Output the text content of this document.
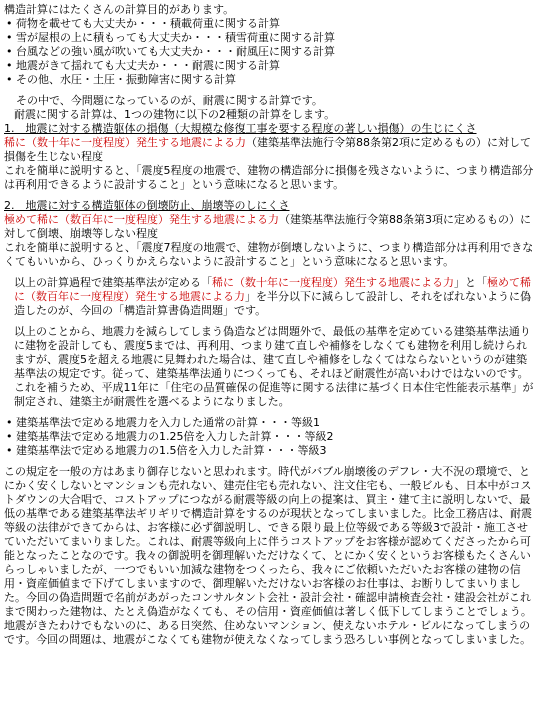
構造計算にはたくさんの計算目的があります。

• 荷物を載せても大丈夫か・・・積載荷重に関する計算
• 雪が屋根の上に積もっても大丈夫か・・・積雪荷重に関する計算
• 台風などの強い風が吹いても大丈夫か・・・耐風圧に関する計算
• 地震がきて揺れても大丈夫か・・・耐震に関する計算
• その他、水圧・土圧・振動障害に関する計算

その中で、今問題になっているのが、耐震に関する計算です。

耐震に関する計算は、1つの建物に以下の2種類の計算をします。

1.　地震に対する構造躯体の損傷（大規模な修復工事を要する程度の著しい損傷）の生じにくさ

稀に（数十年に一度程度）発生する地震による力（建築基準法施行令第88条第2項に定めるもの）に対して損傷を生じない程度

これを簡単に説明すると、「震度5程度の地震で、建物の構造部分に損傷を残さないように、つまり構造部分は再利用できるように設計すること」という意味になると思います。

2.　地震に対する構造躯体の倒壊防止、崩壊等のしにくさ

極めて稀に（数百年に一度程度）発生する地震による力（建築基準法施行令第88条第3項に定めるもの）に対して倒壊、崩壊等しない程度

これを簡単に説明すると、「震度7程度の地震で、建物が倒壊しないように、つまり構造部分は再利用できなくてもいいから、ひっくりかえらないように設計すること」という意味になると思います。

以上の計算過程で建築基準法が定める「稀に（数十年に一度程度）発生する地震による力」と「極めて稀に（数百年に一度程度）発生する地震による力」を半分以下に減らして設計し、それをばれないように偽造したのが、今回の「構造計算書偽造問題」です。

以上のことから、地震力を減らしてしまう偽造などは問題外で、最低の基準を定めている建築基準法通りに建物を設計しても、震度5までは、再利用、つまり建て直しや補修をしなくても建物を利用し続けられますが、震度5を超える地震に見舞われた場合は、建て直しや補修をしなくてはならないというのが建築基準法の規定です。従って、建築基準法通りにつくっても、それほど耐震性が高いわけではないのです。これを補うため、平成11年に「住宅の品質確保の促進等に関する法律に基づく日本住宅性能表示基準」が制定され、建築主が耐震性を選べるようになりました。

• 建築基準法で定める地震力を入力した通常の計算・・・等級1
• 建築基準法で定める地震力の1.25倍を入力した計算・・・等級2
• 建築基準法で定める地震力の1.5倍を入力した計算・・・等級3

この規定を一般の方はあまり御存じないと思われます。時代がバブル崩壊後のデフレ・大不況の環境で、とにかく安くしないとマンションも売れない、建売住宅も売れない、注文住宅も、一般ビルも、日本中がコストダウンの大合唱で、コストアップにつながる耐震等級の向上の提案は、買主・建て主に説明しないで、最低の基準である建築基準法ギリギリで構造計算をするのが現状となってしまいました。比金工務店は、耐震等級の法律ができてからは、お客様に必ず御説明し、できる限り最上位等級である等級3で設計・施工させていただいてまいりました。これは、耐震等級向上に伴うコストアップをお客様が認めてくださったから可能となったことなのです。我々の御説明を御理解いただけなくて、とにかく安くというお客様もたくさんいらっしゃいましたが、一つでもいい加減な建物をつくったら、我々にご依頼いただいたお客様の建物の信用・資産価値まで下げてしまいますので、御理解いただけないお客様のお仕事は、お断りしてまいりました。今回の偽造問題で名前があがったコンサルタント会社・設計会社・確認申請検査会社・建設会社がこれまで関わった建物は、たとえ偽造がなくても、その信用・資産価値は著しく低下してしまうことでしょう。地震がきたわけでもないのに、ある日突然、住めないマンション、使えないホテル・ビルになってしまうのです。今回の問題は、地震がこなくても建物が使えなくなってしまう恐ろしい事例となってしまいました。
